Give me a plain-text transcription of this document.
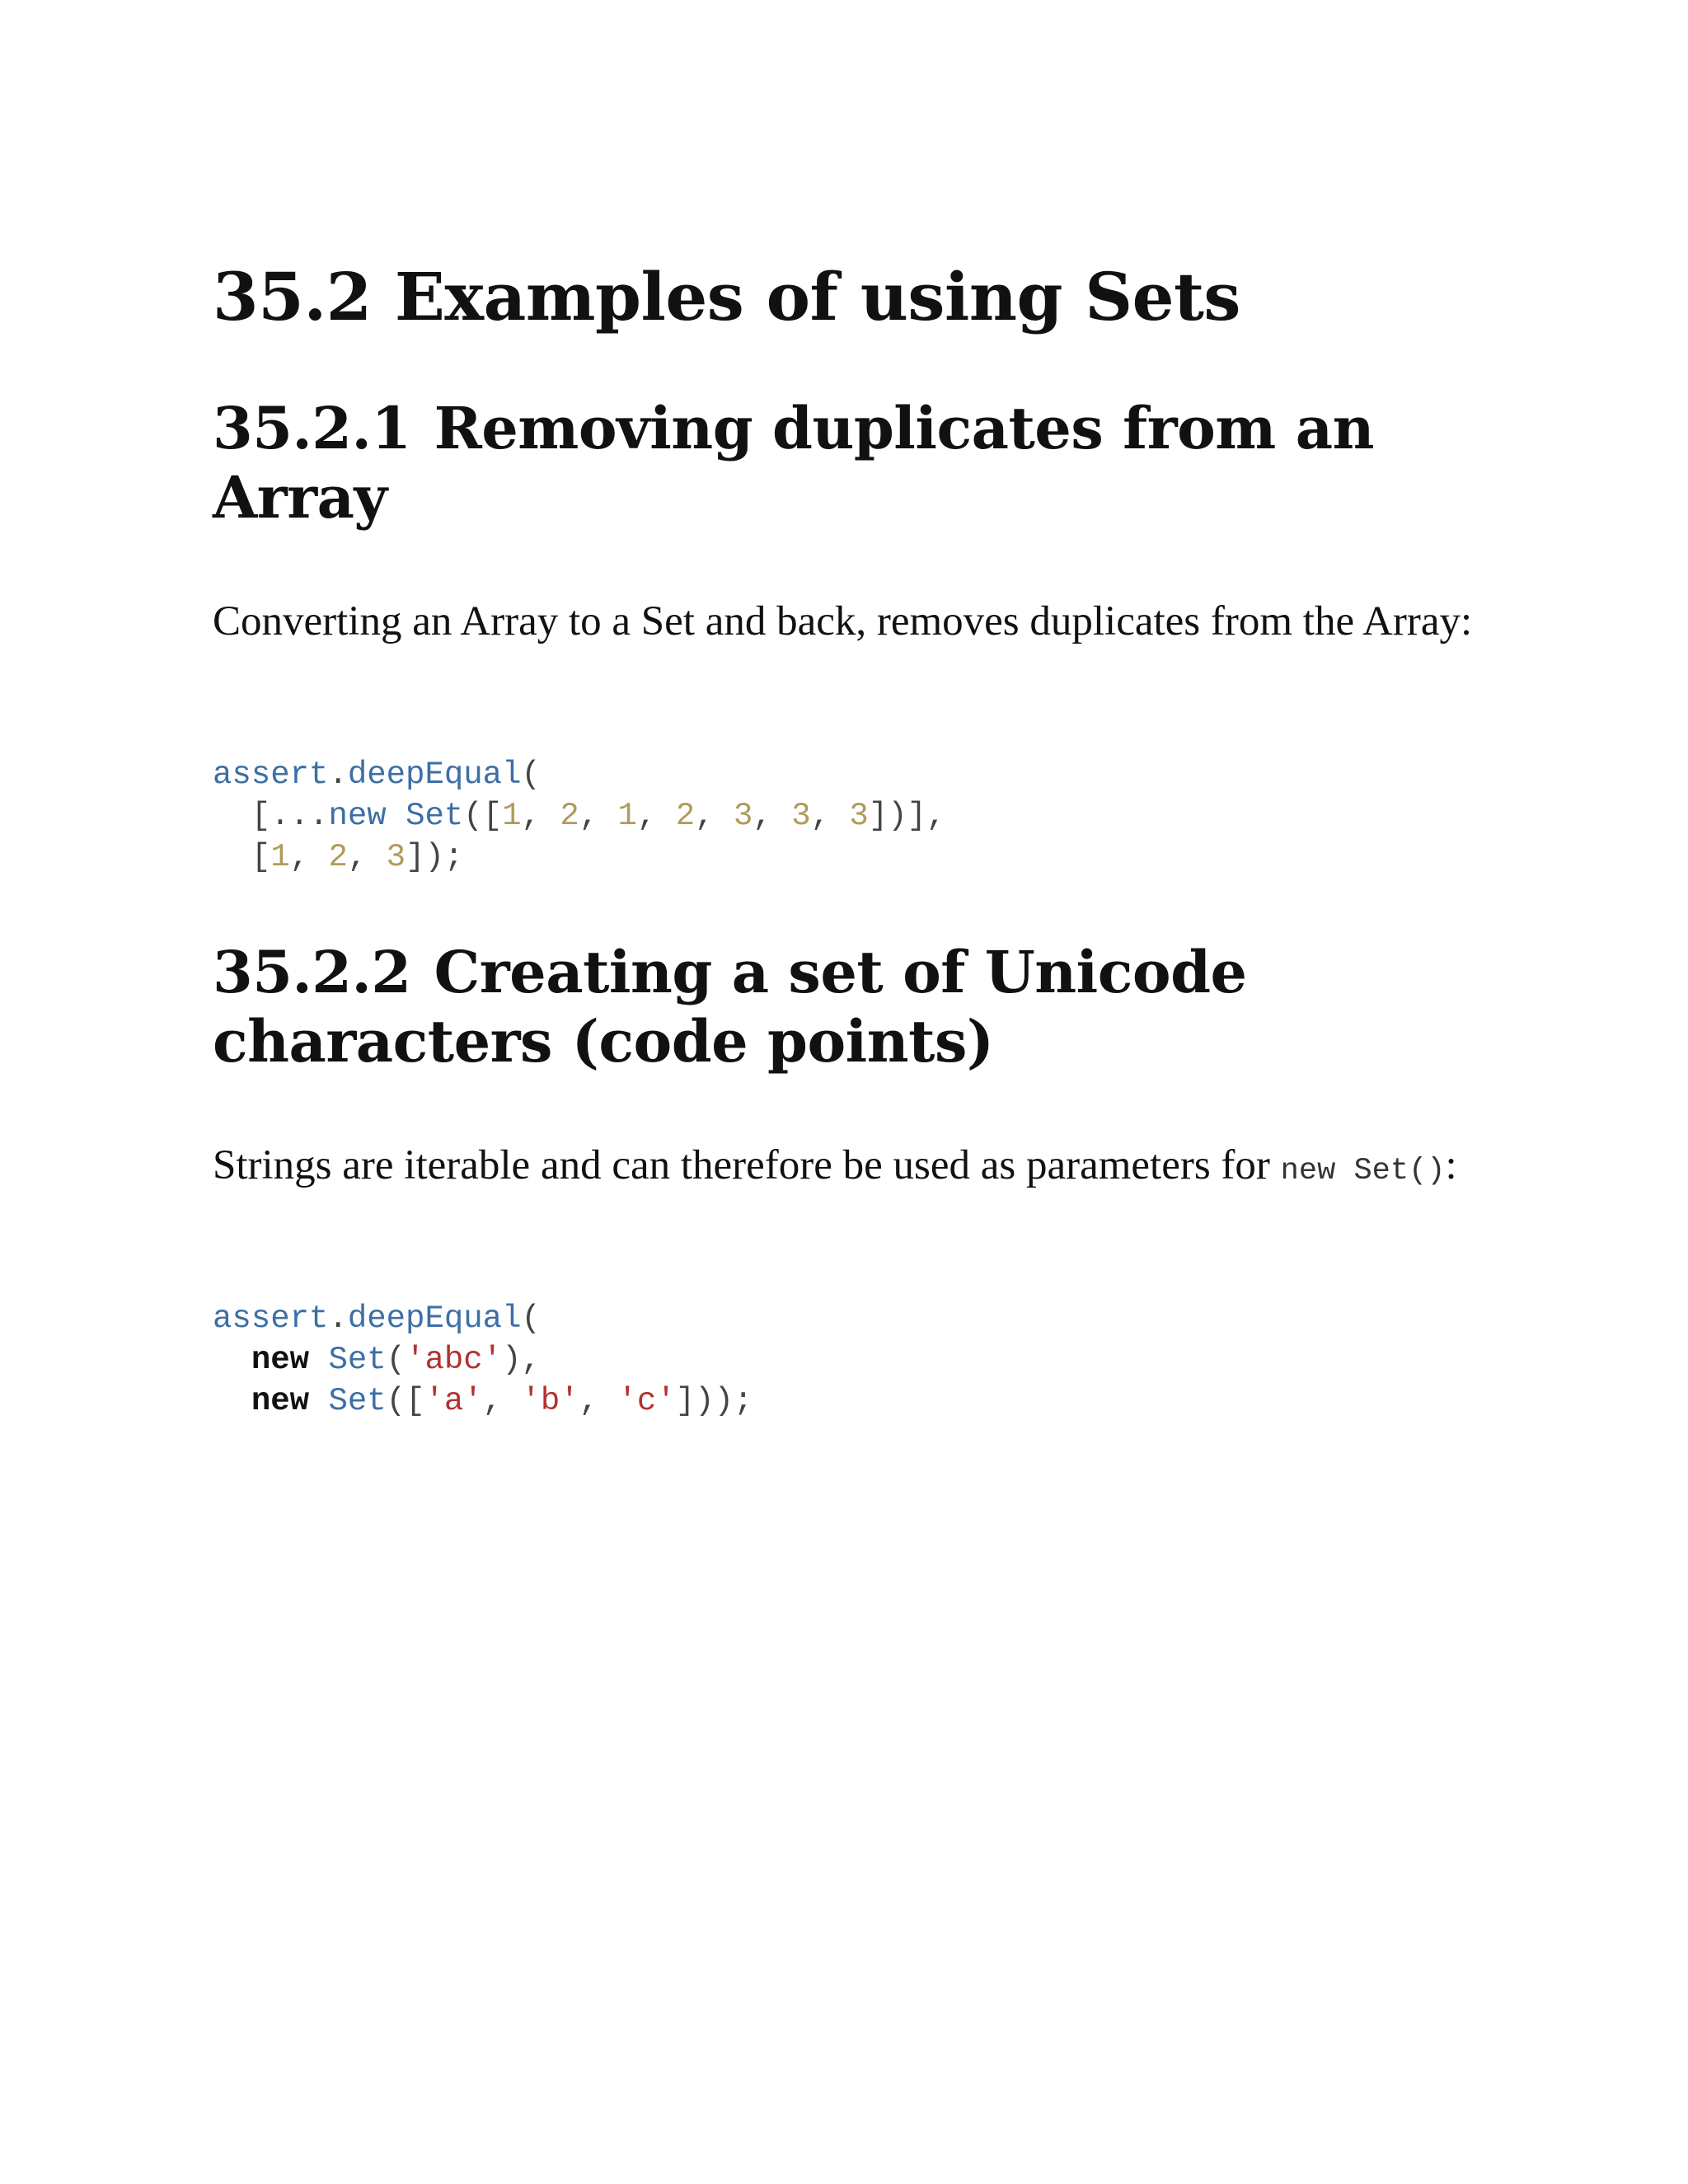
35.2 Examples of using Sets
35.2.1 Removing duplicates from an Array

Converting an Array to a Set and back, removes duplicates from the Array:

assert.deepEqual(
[...new Set([1, 2, 1, 2, 3, 3, 3])],
[1, 2, 3]);
35.2.2 Creating a set of Unicode characters (code points)

Strings are iterable and can therefore be used as parameters for new Set():

assert.deepEqual(
new Set('abc'),
new Set(['a', 'b', 'c']));
